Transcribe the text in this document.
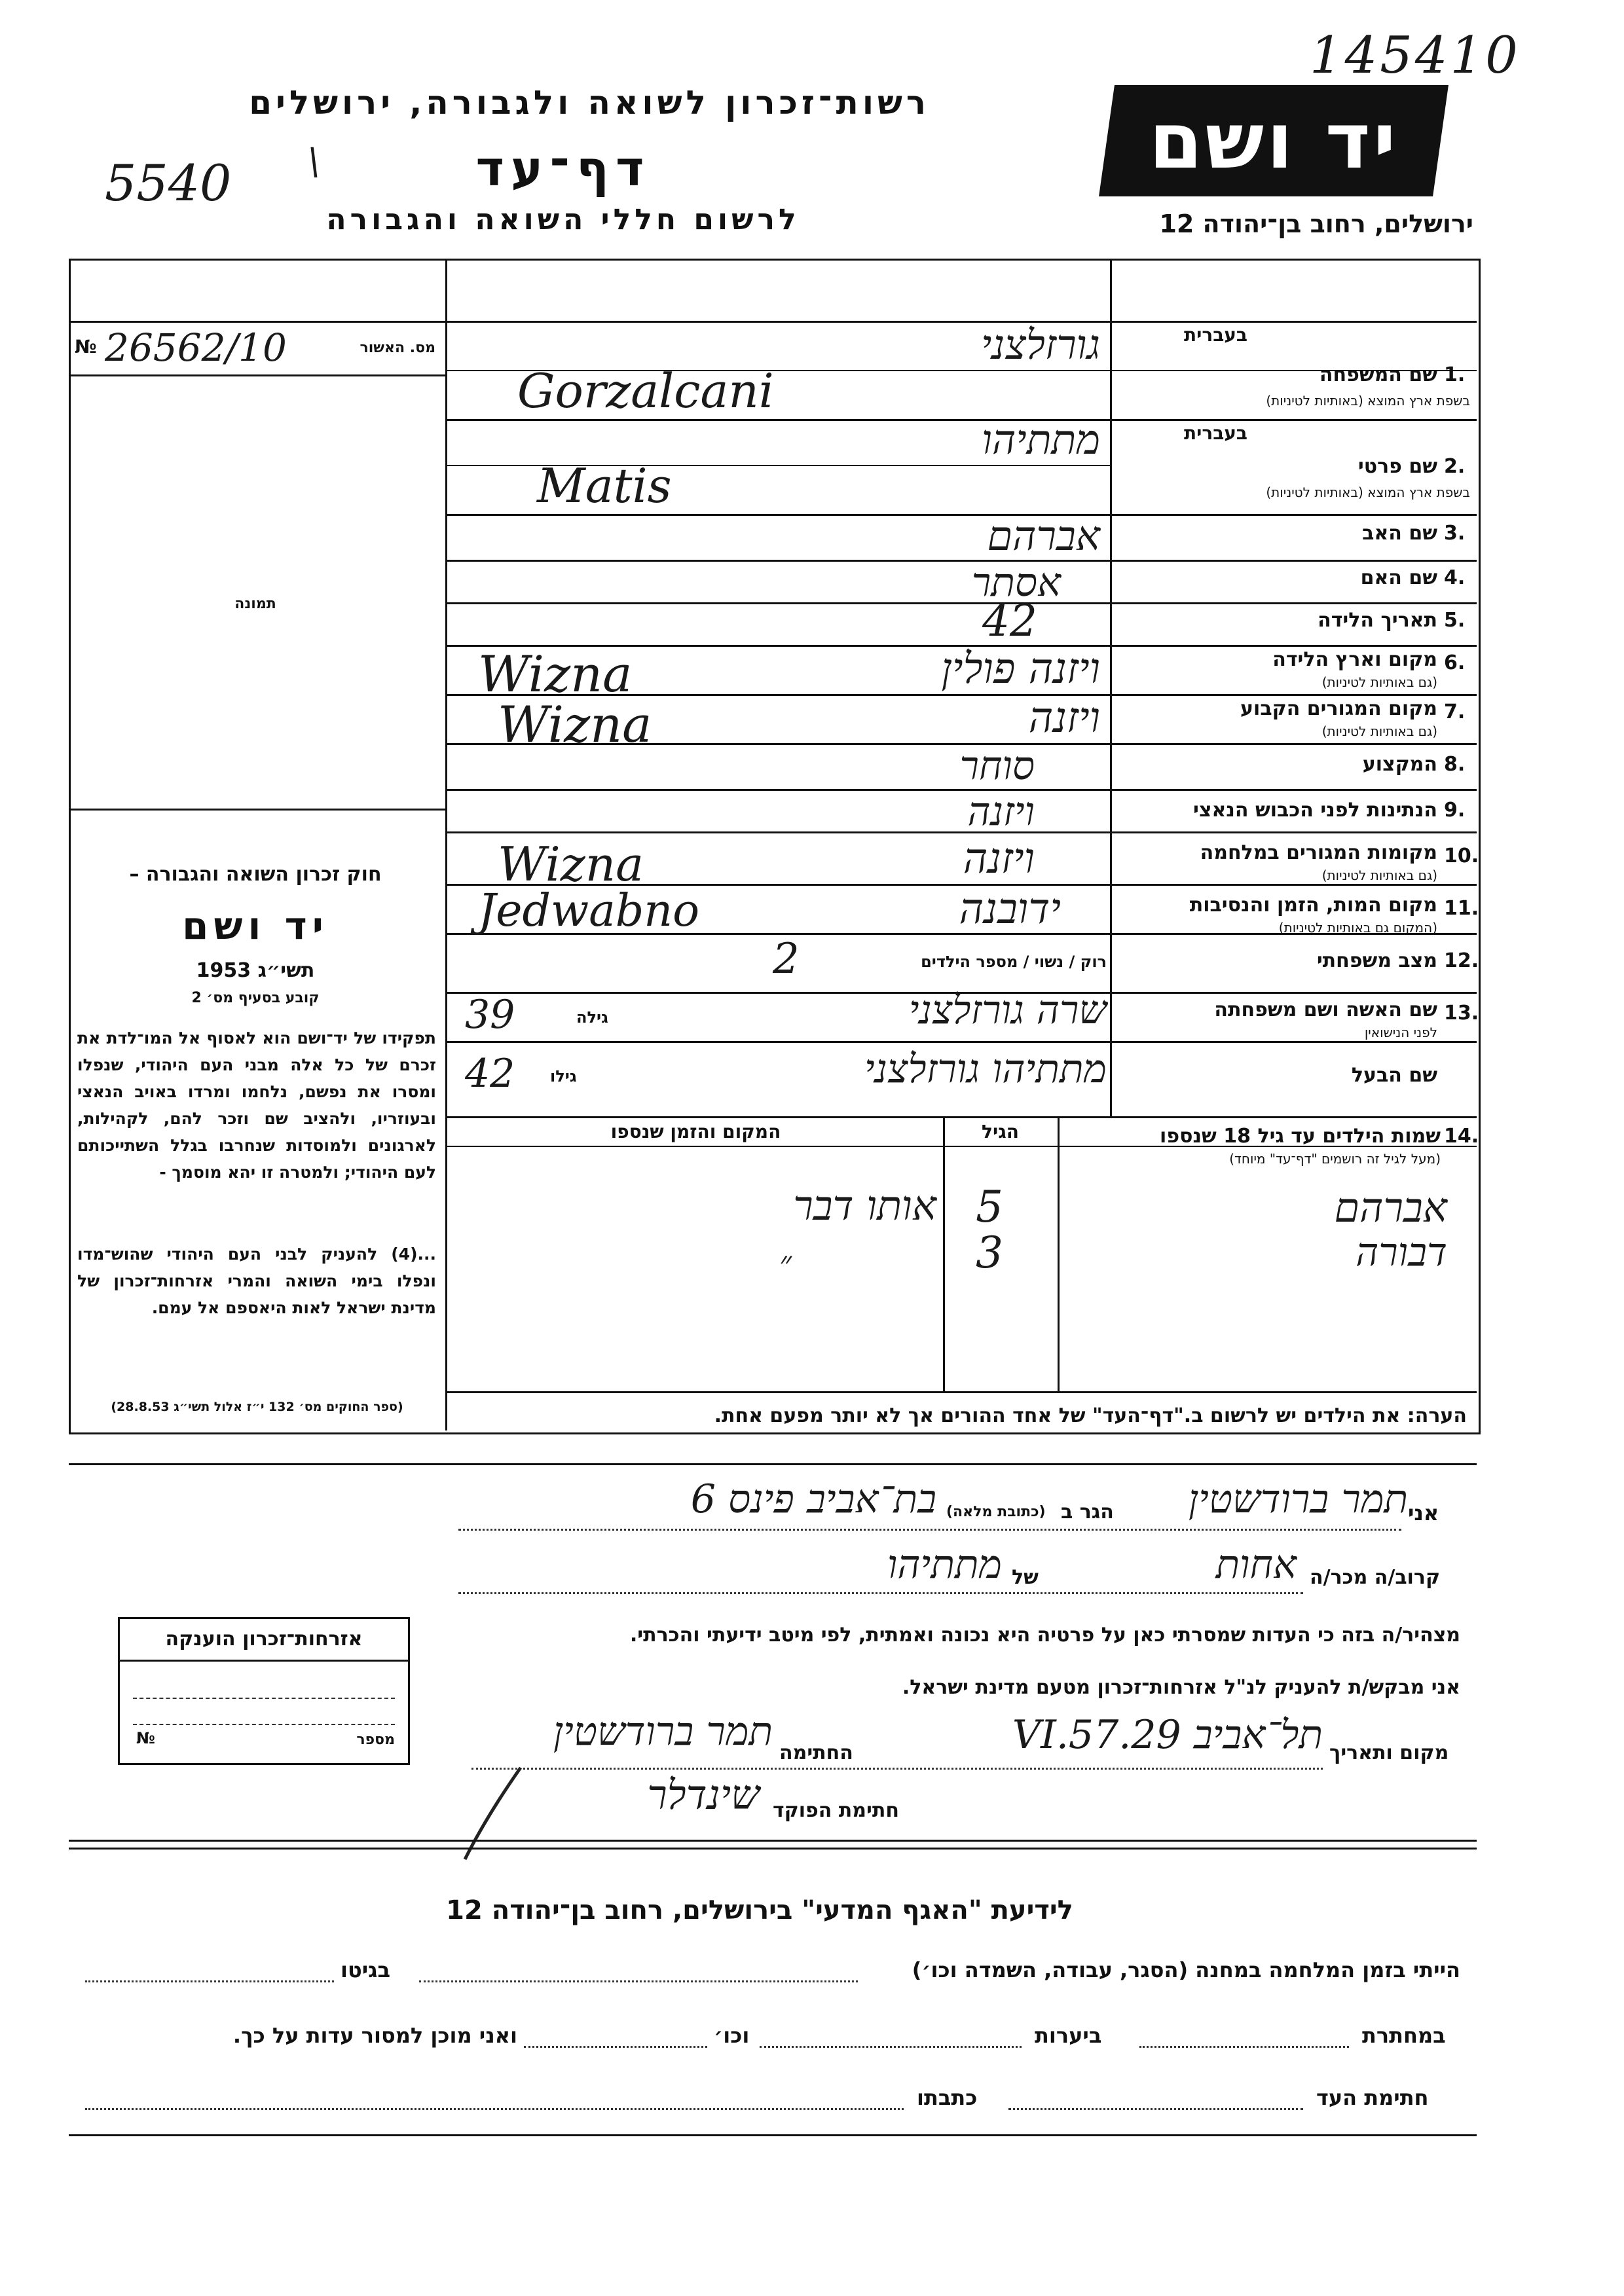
145410
5540 \
רשות־זכרון לשואה ולגבורה, ירושלים
דף־עד
לרשום חללי השואה והגבורה
יד ושם
ירושלים, רחוב בן־יהודה 12
№ 26562/10	מס. האשור
תמונה
חוק זכרון השואה והגבורה –
יד ושם
תשי״ג 1953
קובע בסעיף מס׳ 2
תפקידו של יד־ושם הוא לאסוף אל המו־לדת את זכרם של כל אלה מבני העם היהודי, שנפלו ומסרו את נפשם, נלחמו ומרדו באויב הנאצי ובעוזריו, ולהציב שם וזכר להם, לקהילות, לארגונים ולמוסדות שנחרבו בגלל השתייכותם לעם היהודי; ולמטרה זו יהא מוסמך -
...(4) להעניק לבני העם היהודי שהוש־מדו ונפלו בימי השואה והמרי אזרחות־זכרון של מדינת ישראל לאות היאספם אל עמם.
(ספר החוקים מס׳ 132 י״ז אלול תשי״ג 28.8.53)
בעברית
1.
שם המשפחה
בשפת ארץ המוצא (באותיות לטיניות)
גורזלצני
Gorzalcani
בעברית
2.
שם פרטי
בשפת ארץ המוצא (באותיות לטיניות)
מתתיהו
Matis
3.
שם האב
אברהם
4.
שם האם
אסתר
5.
תאריך הלידה
42
6.
מקום וארץ הלידה
(גם באותיות לטיניות)
ויזנה פולין
Wizna
7.
מקום המגורים הקבוע
(גם באותיות לטיניות)
ויזנה
Wizna
8.
המקצוע
סוחר
9.
הנתינות לפני הכבוש הנאצי
ויזנה
10.
מקומות המגורים במלחמה
(גם באותיות לטיניות)
ויזנה
Wizna
11.
מקום המות, הזמן והנסיבות
(המקום גם באותיות לטיניות)
ידובנה
Jedwabno
12.
מצב משפחתי
רוק / נשוי / מספר הילדים
2
13.
שם האשה ושם משפחתה
לפני הנישואין
שרה גורזלצני
גילה
39
שם הבעל
מתתיהו גורזלצני
גילו
42
14.
שמות הילדים עד גיל 18 שנספו
(מעל לגיל זה רושמים "דף־עד" מיוחד)
הגיל
המקום והזמן שנספו
אברהם
5
אותו דבר
דבורה
3
״
הערה: את הילדים יש לרשום ב."דף־העד" של אחד ההורים אך לא יותר מפעם אחת.
אני
תמר ברודשטין
הגר ב
(כתובת מלאה)
בת־אביב פינס 6
קרוב/ה מכר/ה
אחות
של
מתתיהו
מצהיר/ה בזה כי העדות שמסרתי כאן על פרטיה היא נכונה ואמתית, לפי מיטב ידיעתי והכרתי.
אני מבקש/ת להעניק לנ"ל אזרחות־זכרון מטעם מדינת ישראל.
מקום ותאריך
תל־אביב 29.VI.57
החתימה
תמר ברודשטין
חתימת הפוקד
שינדלר
אזרחות־זכרון הוענקה
מספר
№
לידיעת "האגף המדעי" בירושלים, רחוב בן־יהודה 12
הייתי בזמן המלחמה במחנה (הסגר, עבודה, השמדה וכו׳)
בגיטו
במחתרת
ביערות
וכו׳
ואני מוכן למסור עדות על כך.
חתימת העד
כתבתו
